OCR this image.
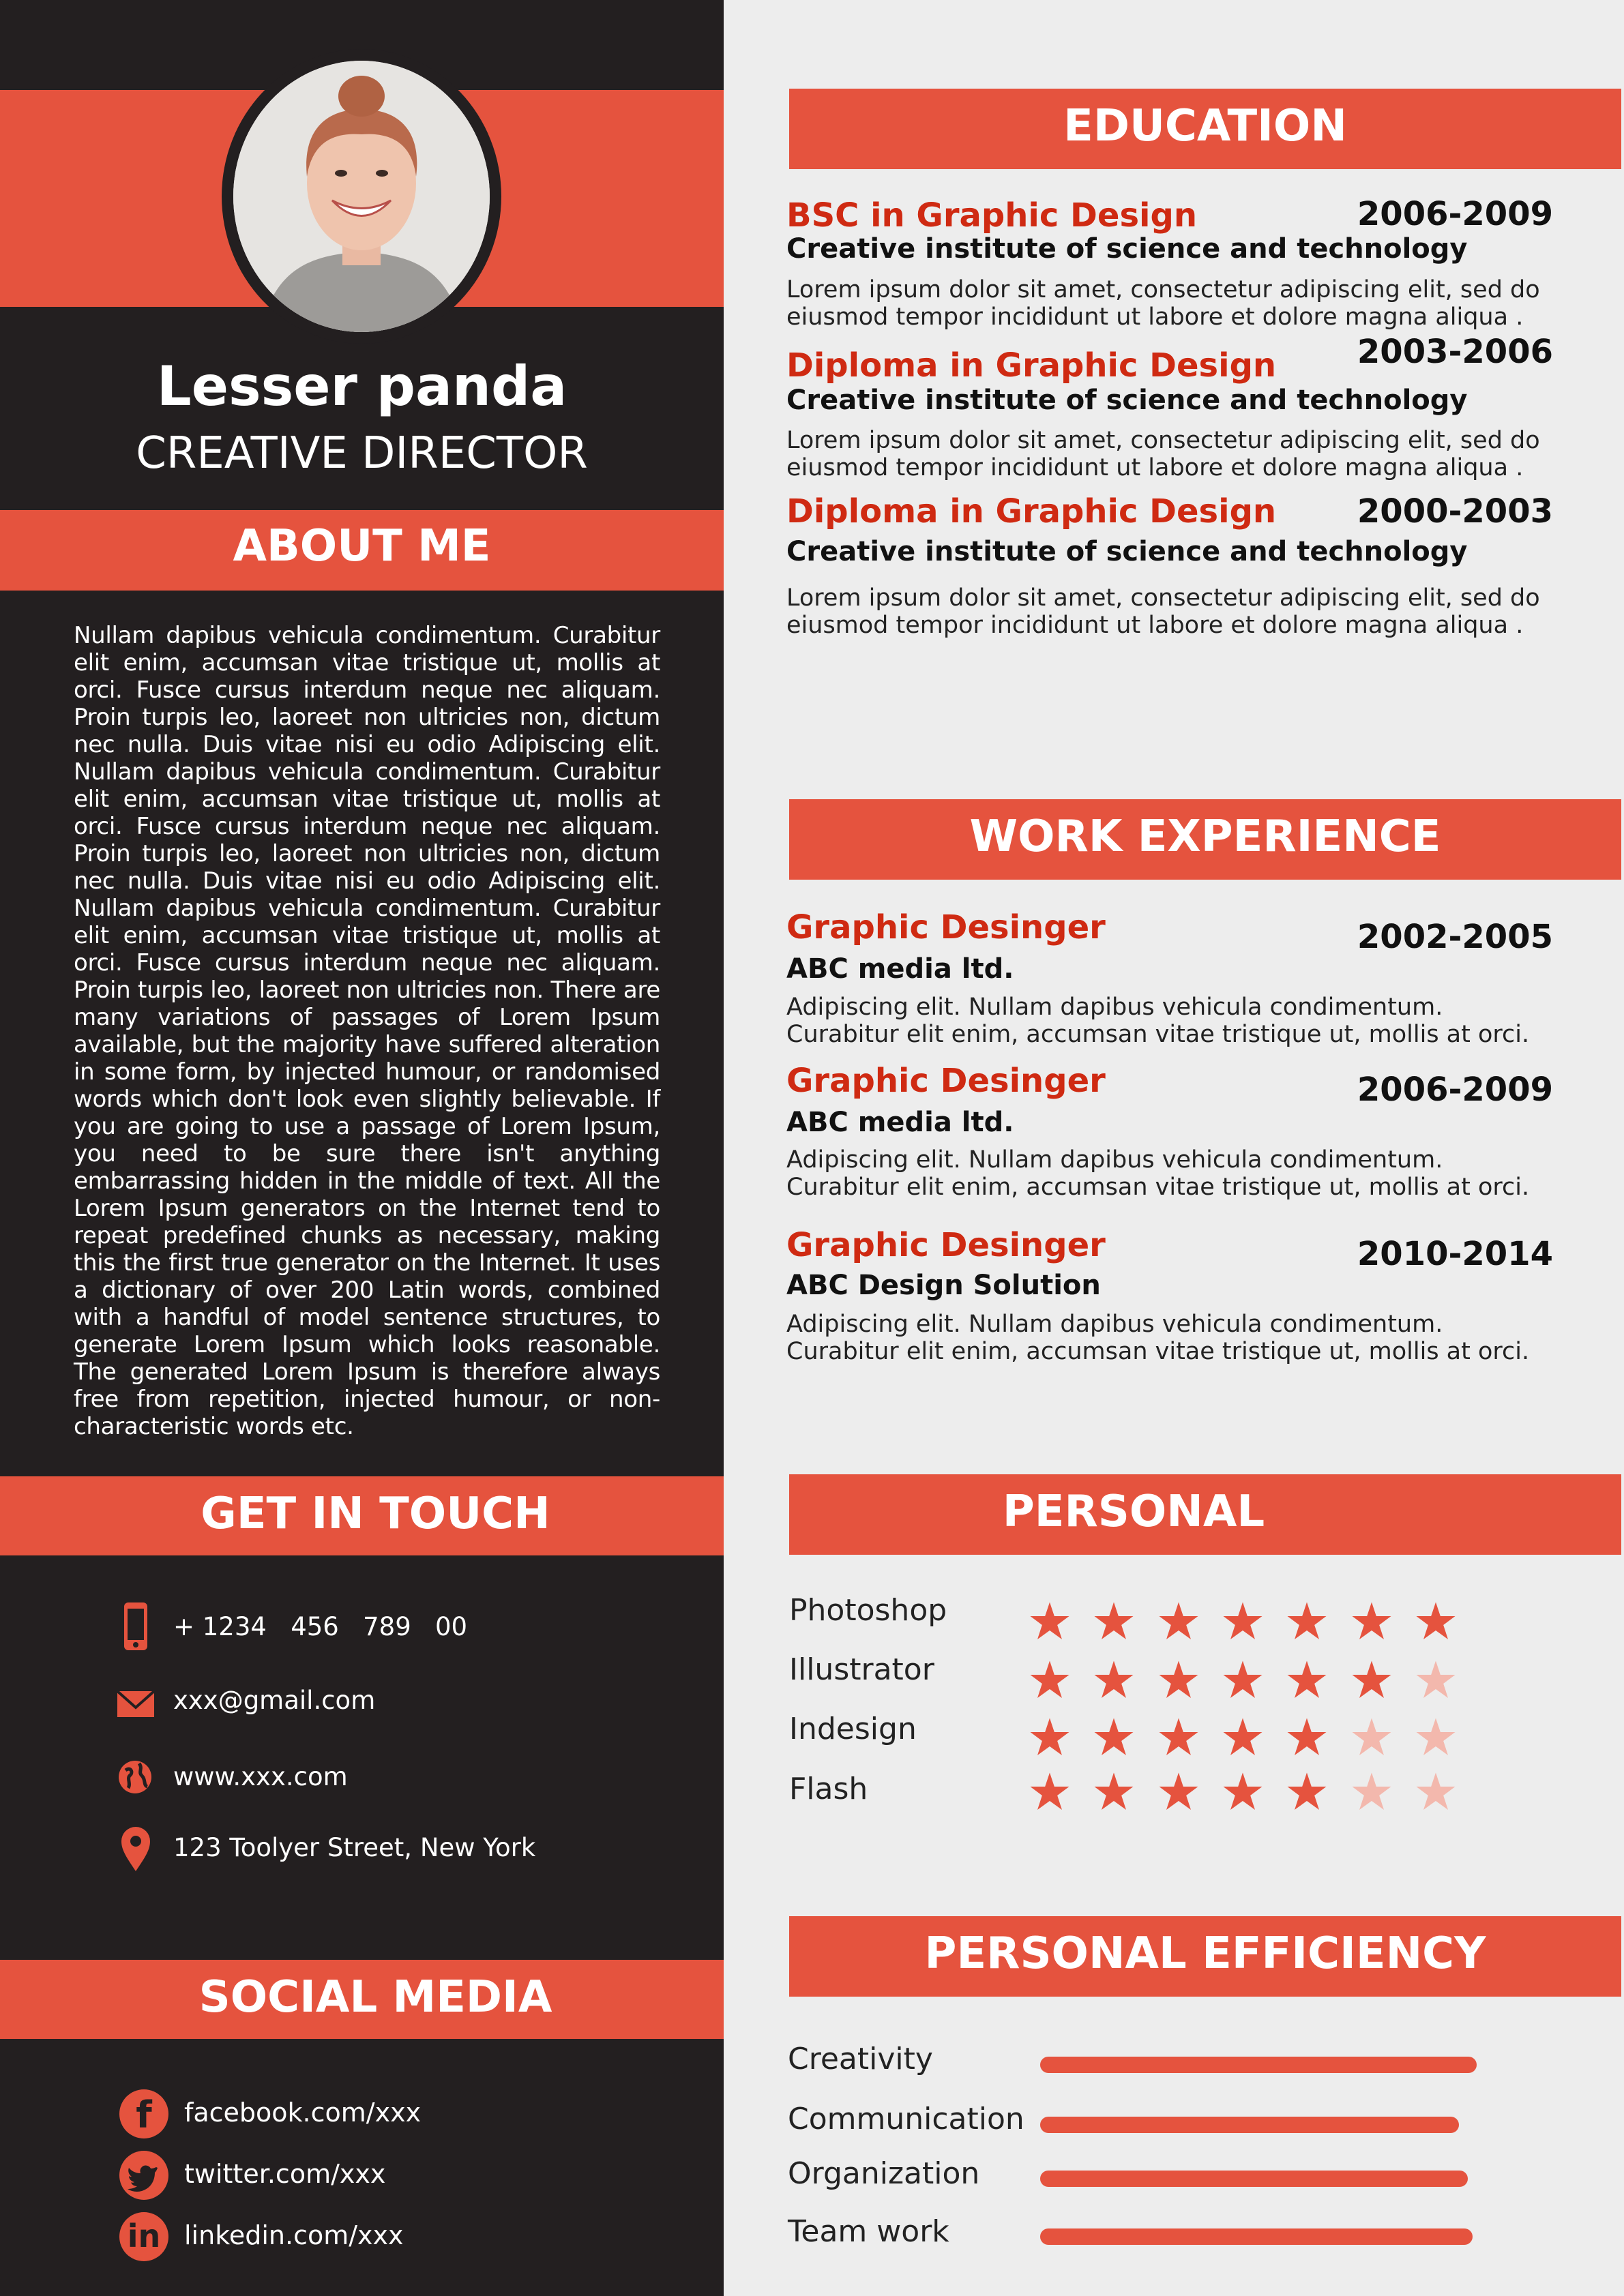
Lesser panda
CREATIVE DIRECTOR
ABOUT ME
Nullam dapibus vehicula condimentum. Curabitur elit enim, accumsan vitae tristique ut, mollis at orci. Fusce cursus interdum neque nec aliquam. Proin turpis leo, laoreet non ultricies non, dictum nec nulla. Duis vitae nisi eu odio Adipiscing elit. Nullam dapibus vehicula condimentum. Curabitur elit enim, accumsan vitae tristique ut, mollis at orci. Fusce cursus interdum neque nec aliquam. Proin turpis leo, laoreet non ultricies non, dictum nec nulla. Duis vitae nisi eu odio Adipiscing elit. Nullam dapibus vehicula condimentum. Curabitur elit enim, accumsan vitae tristique ut, mollis at orci. Fusce cursus interdum neque nec aliquam. Proin turpis leo, laoreet non ultricies non. There are many variations of passages of Lorem Ipsum available, but the majority have suffered alteration in some form, by injected humour, or randomised words which don't look even slightly believable. If you are going to use a passage of Lorem Ipsum, you need to be sure there isn't anything embarrassing hidden in the middle of text. All the Lorem Ipsum generators on the Internet tend to repeat predefined chunks as necessary, making this the first true generator on the Internet. It uses a dictionary of over 200 Latin words, combined with a handful of model sentence structures, to generate Lorem Ipsum which looks reasonable. The generated Lorem Ipsum is therefore always free from repetition, injected humour, or non-characteristic words etc.
GET IN TOUCH
+ 1234   456   789   00
xxx@gmail.com
www.xxx.com
123 Toolyer Street, New York
SOCIAL MEDIA
f	facebook.com/xxx
twitter.com/xxx
in linkedin.com/xxx
EDUCATION
BSC in Graphic Design	2006-2009
Creative institute of science and technology
Lorem ipsum dolor sit amet, consectetur adipiscing elit, sed do eiusmod tempor incididunt ut labore et dolore magna aliqua .
Diploma in Graphic Design 2003-2006
Creative institute of science and technology
Lorem ipsum dolor sit amet, consectetur adipiscing elit, sed do eiusmod tempor incididunt ut labore et dolore magna aliqua .
Diploma in Graphic Design 2000-2003
Creative institute of science and technology
Lorem ipsum dolor sit amet, consectetur adipiscing elit, sed do eiusmod tempor incididunt ut labore et dolore magna aliqua .
WORK EXPERIENCE
Graphic Desinger	2002-2005
ABC media ltd.
Adipiscing elit. Nullam dapibus vehicula condimentum. Curabitur elit enim, accumsan vitae tristique ut, mollis at orci.
Graphic Desinger	2006-2009
ABC media ltd.
Adipiscing elit. Nullam dapibus vehicula condimentum. Curabitur elit enim, accumsan vitae tristique ut, mollis at orci.
Graphic Desinger	2010-2014
ABC Design Solution
Adipiscing elit. Nullam dapibus vehicula condimentum. Curabitur elit enim, accumsan vitae tristique ut, mollis at orci.
PERSONAL
Photoshop
Illustrator
Indesign
Flash
PERSONAL EFFICIENCY
Creativity
Communication
Organization
Team work
